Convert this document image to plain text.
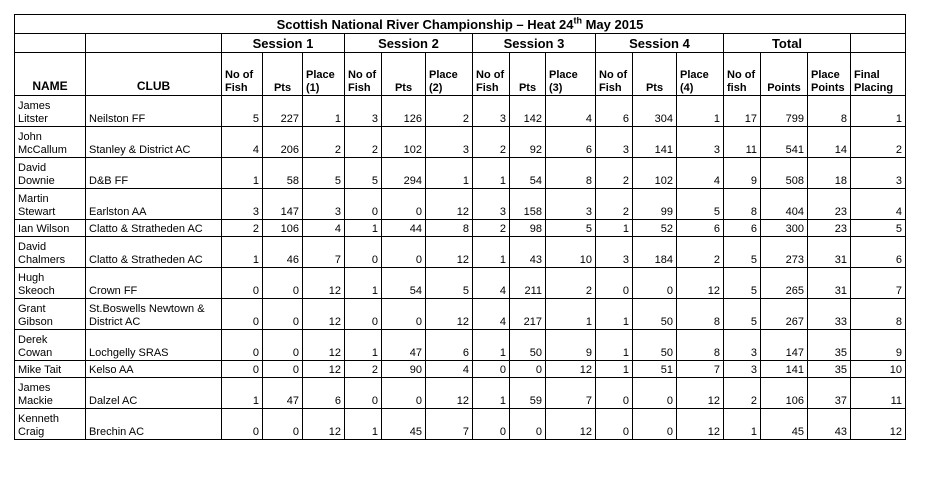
Scottish National River Championship – Heat 24th May 2015																	
		Session 1			Session 2			Session 3			Session 4			Total			
NAME	CLUB	No of Fish	Pts	Place (1)	No of Fish	Pts	Place (2)	No of Fish	Pts	Place (3)	No of Fish	Pts	Place (4)	No of fish	Points	Place Points	Final Placing
James Litster	Neilston FF	5	227	1	3	126	2	3	142	4	6	304	1	17	799	8	1
John McCallum	Stanley & District AC	4	206	2	2	102	3	2	92	6	3	141	3	11	541	14	2
David Downie	D&B FF	1	58	5	5	294	1	1	54	8	2	102	4	9	508	18	3
Martin Stewart	Earlston AA	3	147	3	0	0	12	3	158	3	2	99	5	8	404	23	4
Ian Wilson	Clatto & Stratheden AC	2	106	4	1	44	8	2	98	5	1	52	6	6	300	23	5
David Chalmers	Clatto & Stratheden AC	1	46	7	0	0	12	1	43	10	3	184	2	5	273	31	6
Hugh Skeoch	Crown FF	0	0	12	1	54	5	4	211	2	0	0	12	5	265	31	7
Grant Gibson	St.Boswells Newtown & District AC	0	0	12	0	0	12	4	217	1	1	50	8	5	267	33	8
Derek Cowan	Lochgelly SRAS	0	0	12	1	47	6	1	50	9	1	50	8	3	147	35	9
Mike Tait	Kelso AA	0	0	12	2	90	4	0	0	12	1	51	7	3	141	35	10
James Mackie	Dalzel AC	1	47	6	0	0	12	1	59	7	0	0	12	2	106	37	11
Kenneth Craig	Brechin AC	0	0	12	1	45	7	0	0	12	0	0	12	1	45	43	12
